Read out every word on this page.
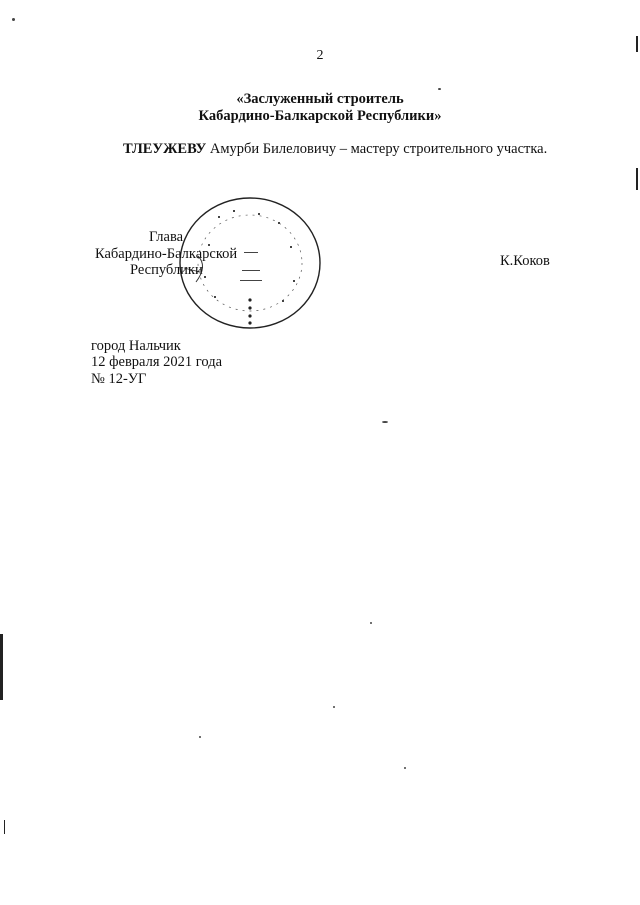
2
«Заслуженный строитель
Кабардино-Балкарской Республики»
ТЛЕУЖЕВУ Амурби Билеловичу – мастеру строительного участка.
Глава
Кабардино-Балкарской
Республики
К.Коков
город Нальчик
12 февраля 2021 года
№ 12-УГ
